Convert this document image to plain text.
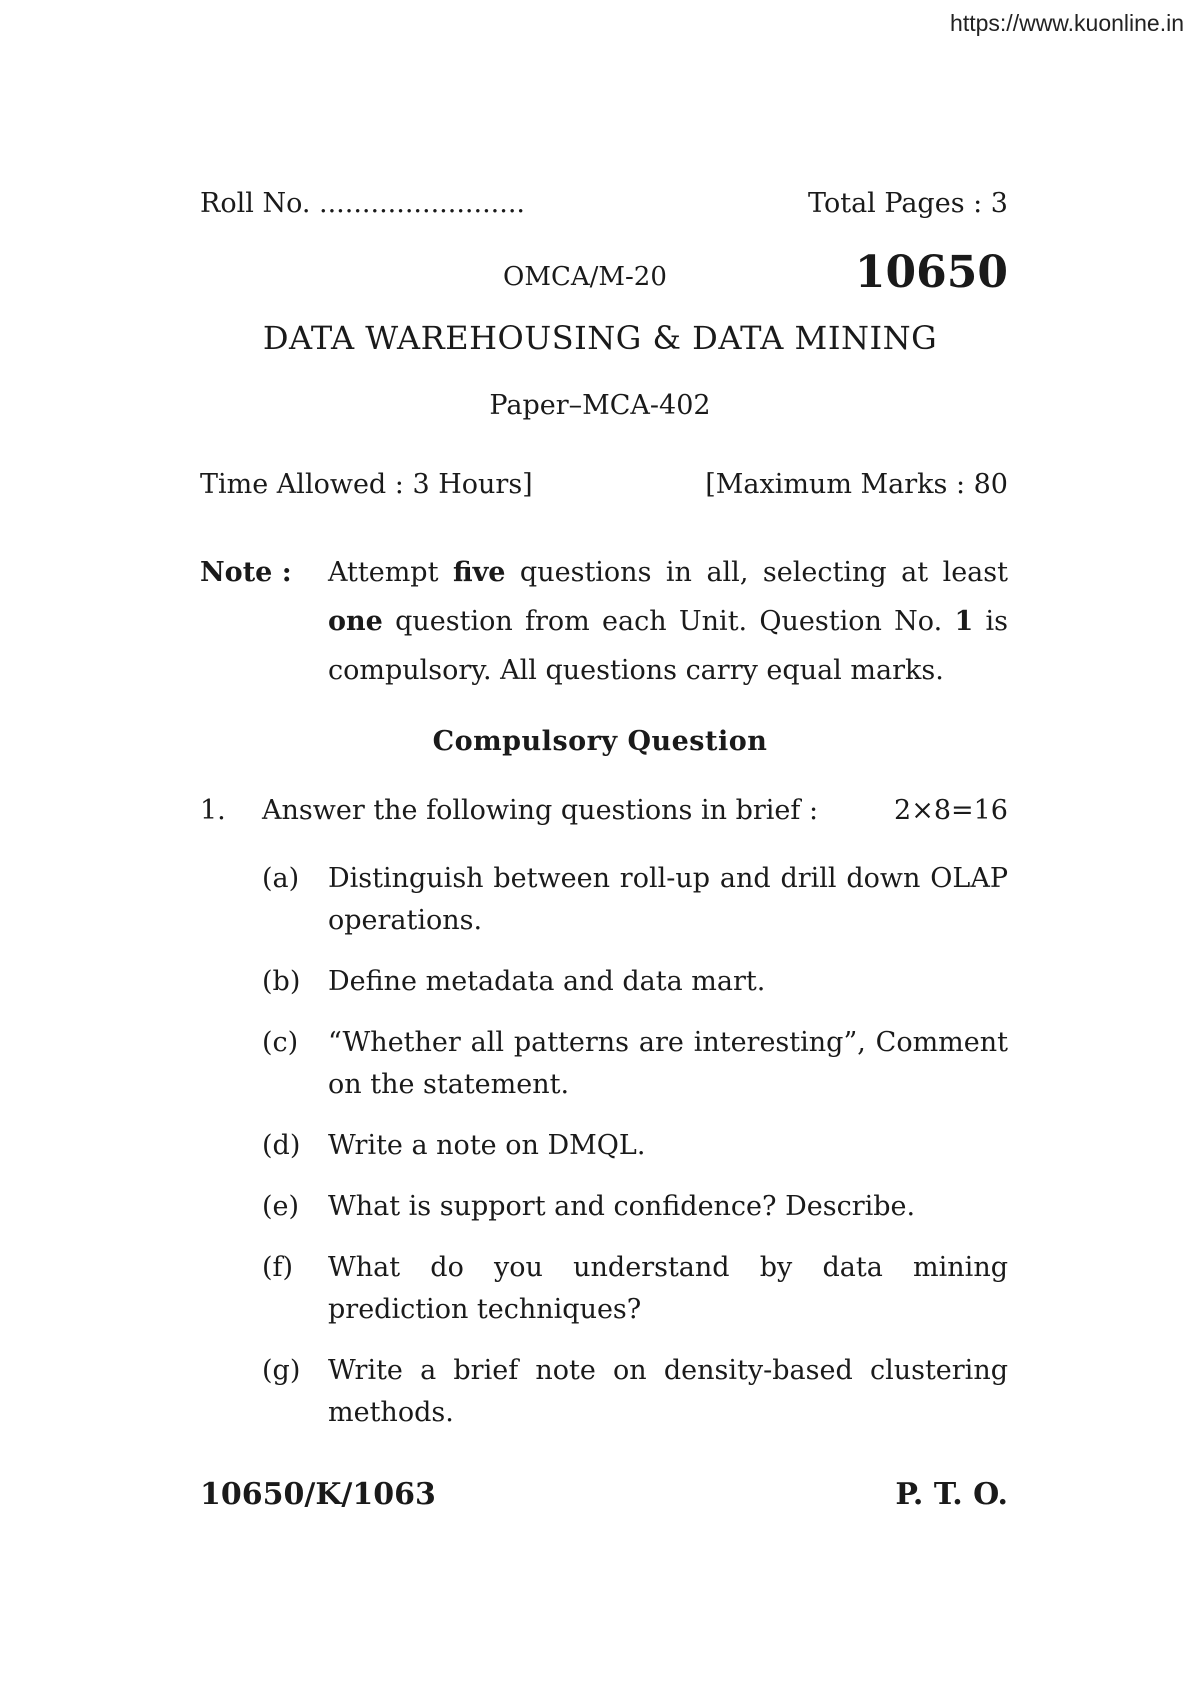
https://www.kuonline.in
Roll No. ........................	Total Pages : 3
OMCA/M-20	10650
DATA WAREHOUSING & DATA MINING
Paper–MCA-402
Time Allowed : 3 Hours]	[Maximum Marks : 80
Note :	Attempt five questions in all, selecting at least one question from each Unit. Question No. 1 is compulsory. All questions carry equal marks.
Compulsory Question
1.	Answer the following questions in brief :	2×8=16
(a)	Distinguish between roll-up and drill down OLAP operations.
(b)	Define metadata and data mart.
(c)	“Whether all patterns are interesting”, Comment on the statement.
(d)	Write a note on DMQL.
(e)	What is support and confidence? Describe.
(f)	What do you understand by data mining prediction techniques?
(g)	Write a brief note on density-based clustering methods.
10650/K/1063	P. T. O.
